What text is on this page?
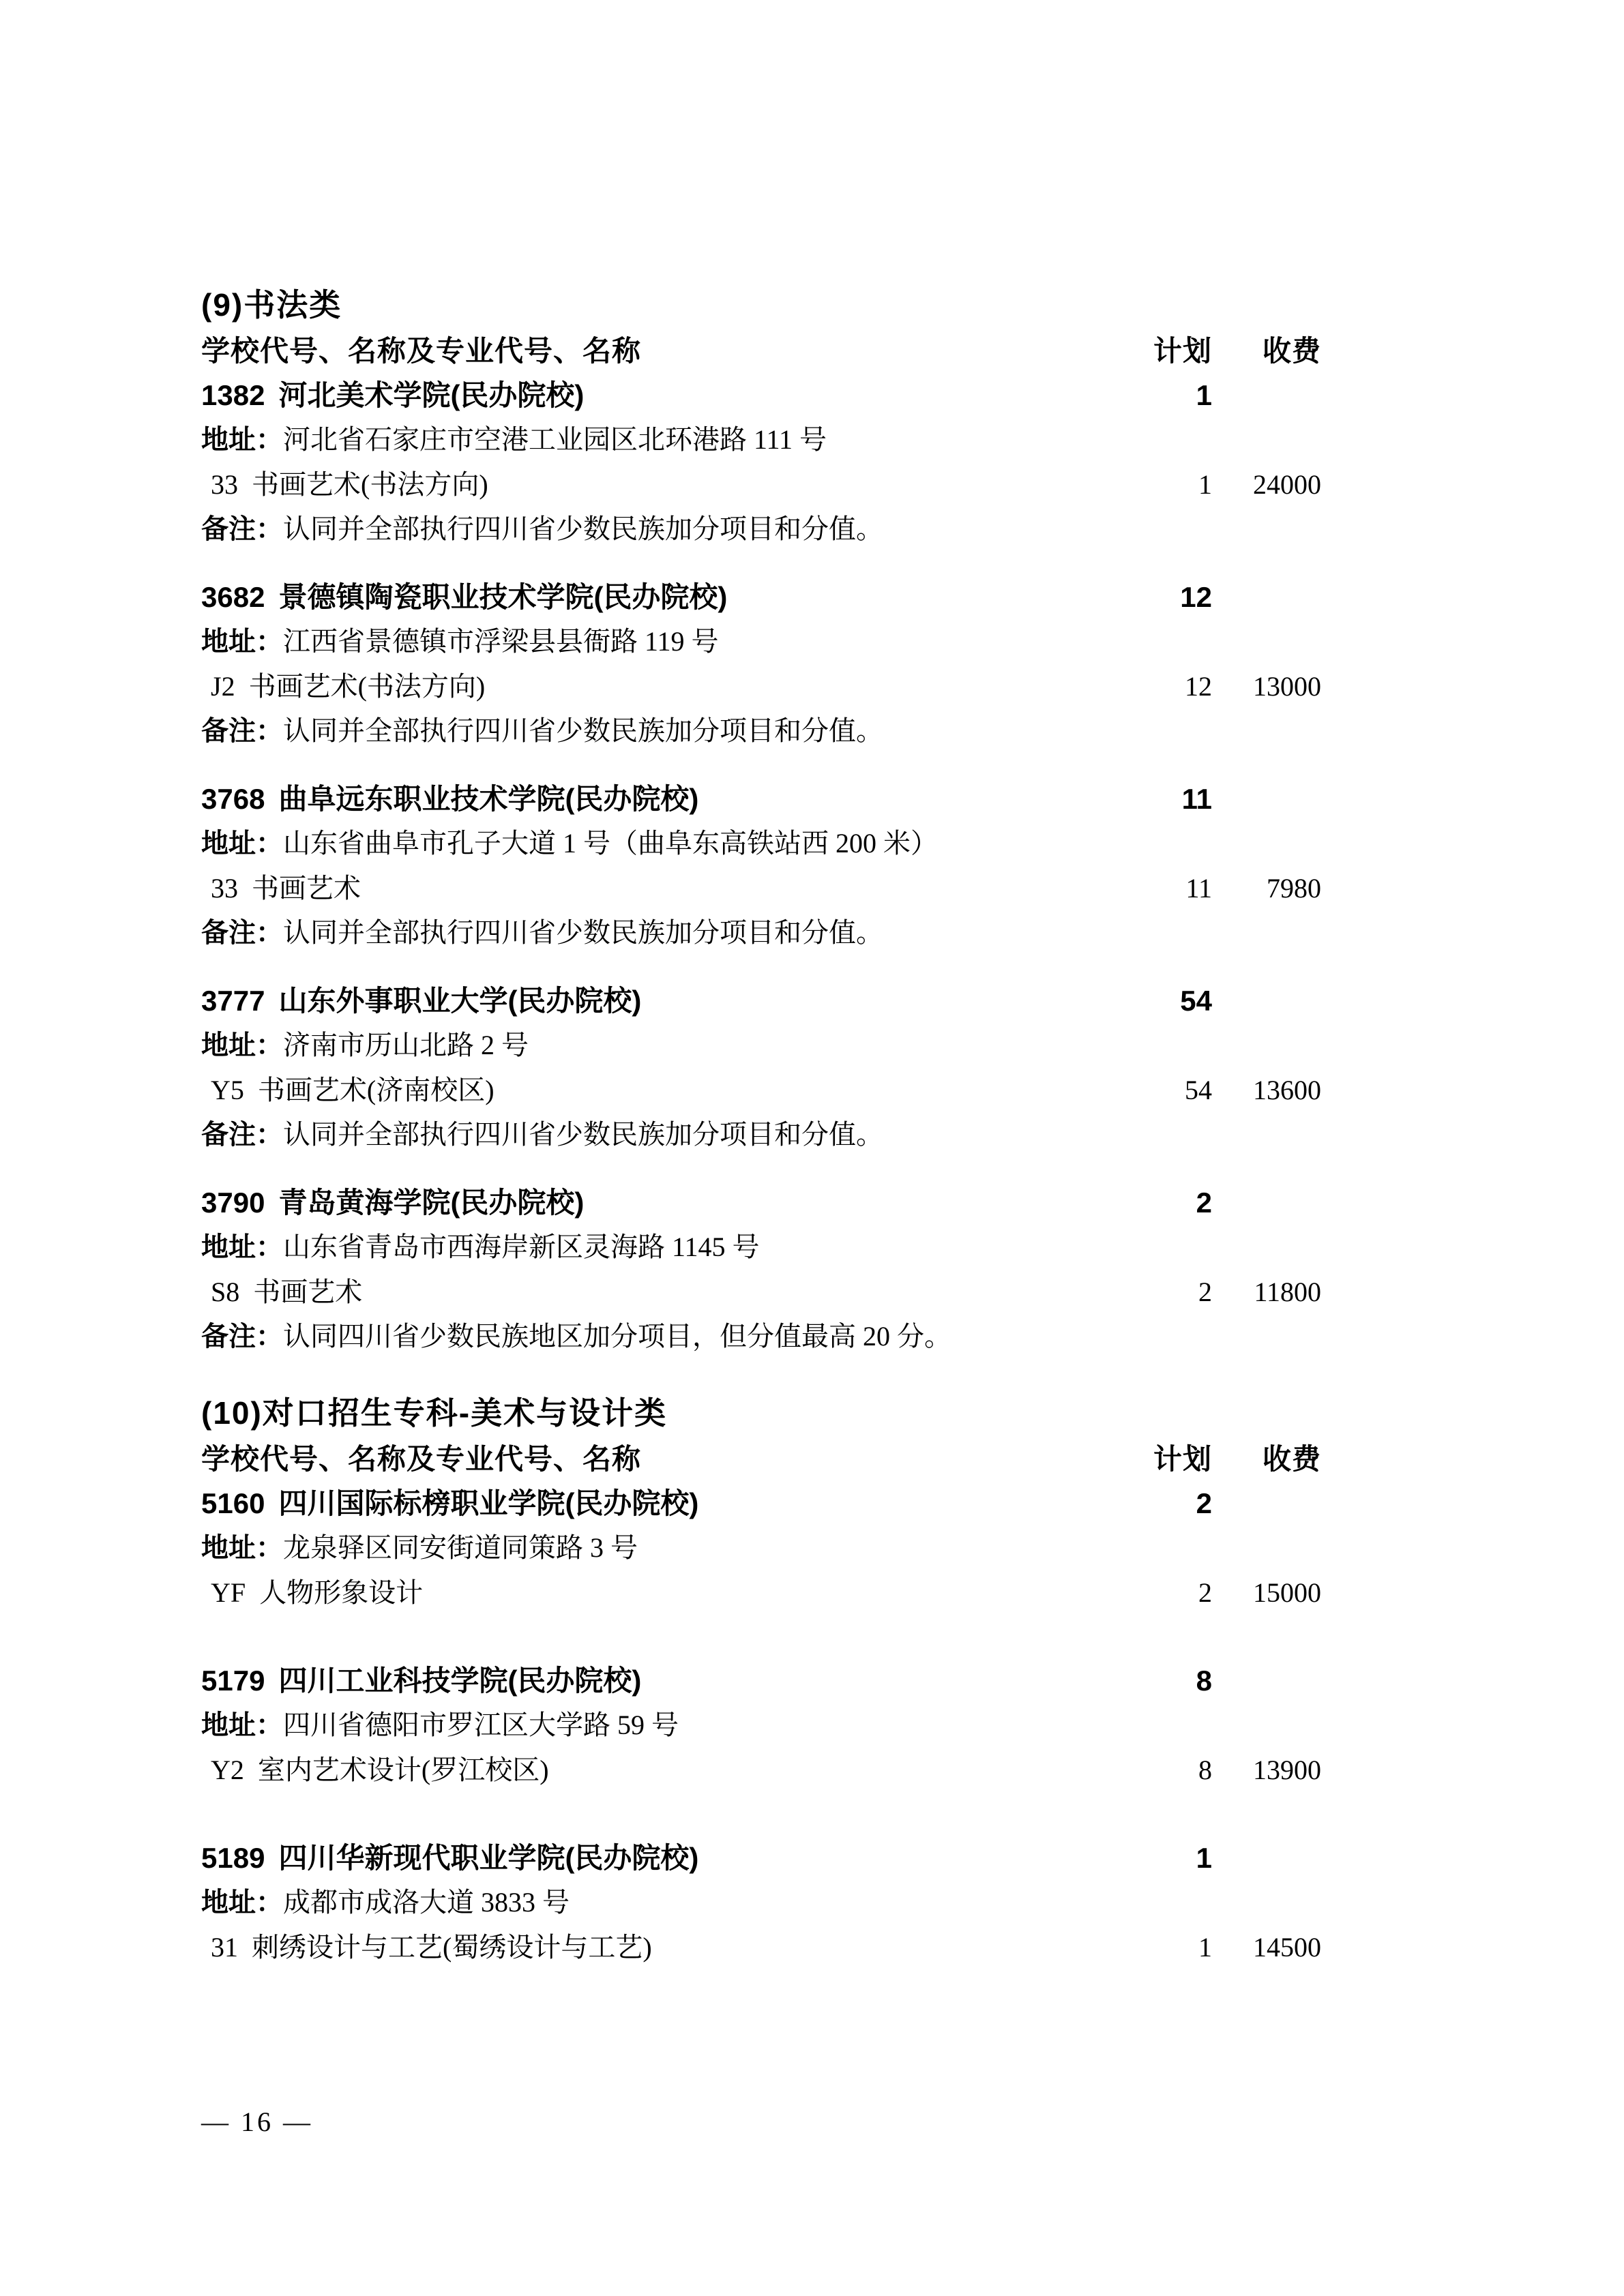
(9)书法类
学校代号、名称及专业代号、名称	计划	收费
1382 河北美术学院(民办院校)	1
地址：河北省石家庄市空港工业园区北环港路 111 号
33 书画艺术(书法方向)	1	24000
备注：认同并全部执行四川省少数民族加分项目和分值。
3682 景德镇陶瓷职业技术学院(民办院校)	12
地址：江西省景德镇市浮梁县县衙路 119 号
J2 书画艺术(书法方向)	12	13000
备注：认同并全部执行四川省少数民族加分项目和分值。
3768 曲阜远东职业技术学院(民办院校)	11
地址：山东省曲阜市孔子大道 1 号（曲阜东高铁站西 200 米）
33 书画艺术	11	7980
备注：认同并全部执行四川省少数民族加分项目和分值。
3777 山东外事职业大学(民办院校)	54
地址：济南市历山北路 2 号
Y5 书画艺术(济南校区)	54	13600
备注：认同并全部执行四川省少数民族加分项目和分值。
3790 青岛黄海学院(民办院校)	2
地址：山东省青岛市西海岸新区灵海路 1145 号
S8 书画艺术	2	11800
备注：认同四川省少数民族地区加分项目，但分值最高 20 分。
(10)对口招生专科-美术与设计类
学校代号、名称及专业代号、名称	计划	收费
5160 四川国际标榜职业学院(民办院校)	2
地址：龙泉驿区同安街道同策路 3 号
YF 人物形象设计	2	15000
5179 四川工业科技学院(民办院校)	8
地址：四川省德阳市罗江区大学路 59 号
Y2 室内艺术设计(罗江校区)	8	13900
5189 四川华新现代职业学院(民办院校)	1
地址：成都市成洛大道 3833 号
31 刺绣设计与工艺(蜀绣设计与工艺)	1	14500
— 16 —
